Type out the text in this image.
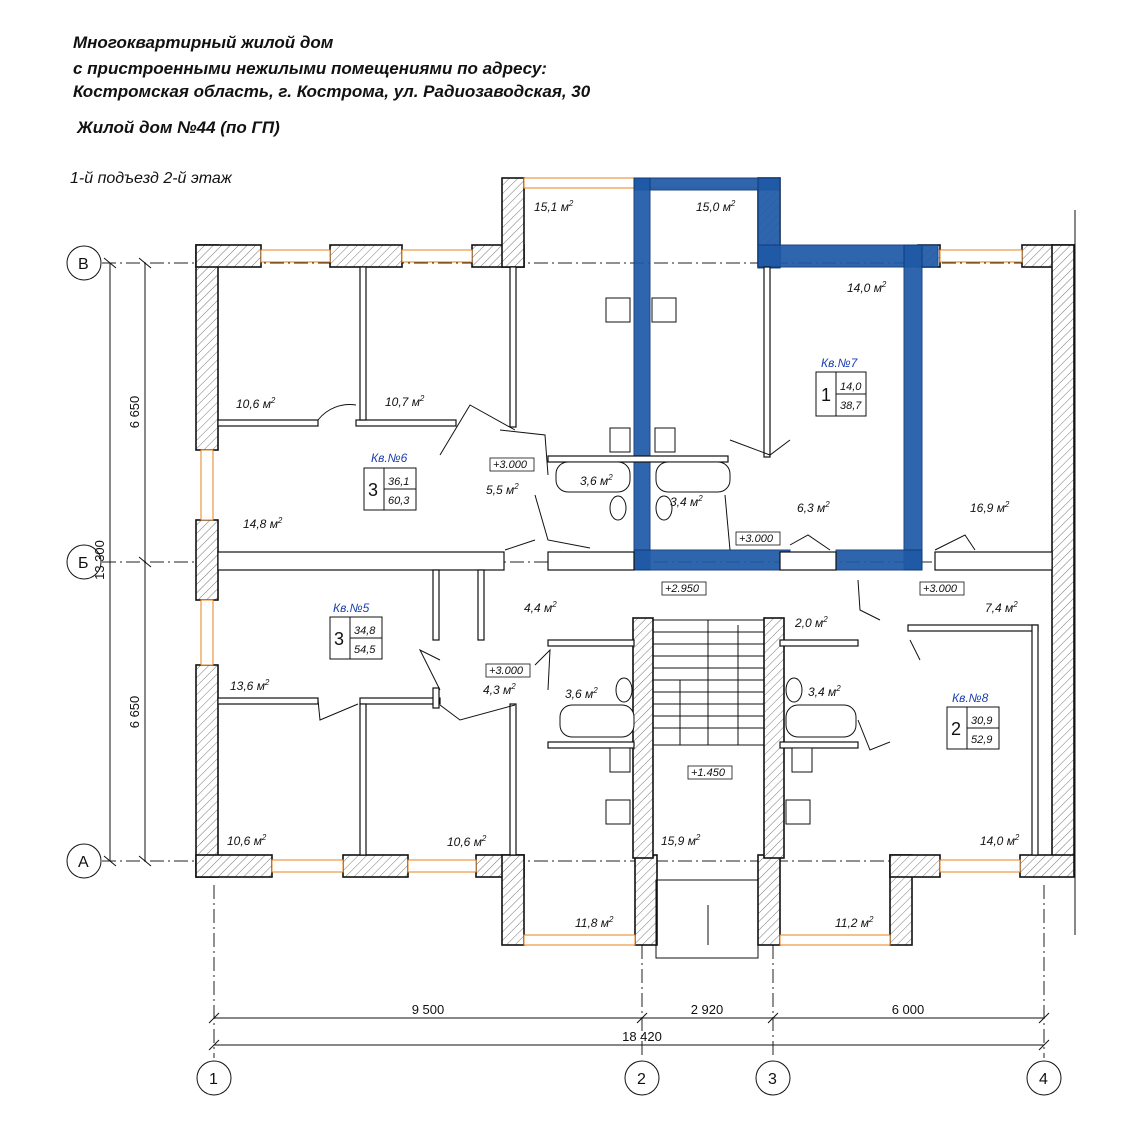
Многоквартирный жилой дом
с пристроенными нежилыми помещениями по адресу:
Костромская область, г. Кострома, ул. Радиозаводская, 30
Жилой дом №44 (по ГП)
1-й подъезд 2-й этаж
В
Б
А
1	2	3	4
13 300
6 650
6 650
9 500	2 920	6 000
18 420
+3.000
+3.000
+3.000
+2.950
+3.000
+1.450
15,1 $м^2$	15,0 $м^2$
14,0 $м^2$
10,6 $м^2$	10,7 $м^2$
14,8 $м^2$
5,5 $м^2$	3,6 $м^2$
3,4 $м^2$
6,3 $м^2$	16,9 $м^2$
4,4 $м^2$
2,0 $м^2$
7,4 $м^2$
13,6 $м^2$
4,3 $м^2$
3,6 $м^2$	3,4 $м^2$
10,6 $м^2$	10,6 $м^2$	15,9 $м^2$	14,0 $м^2$
11,8 $м^2$	11,2 $м^2$
Кв.№7
1 14,0
38,7
Кв.№6
3 36,1
60,3
Кв.№5
3 34,8
54,5
Кв.№8
2 30,9
52,9
